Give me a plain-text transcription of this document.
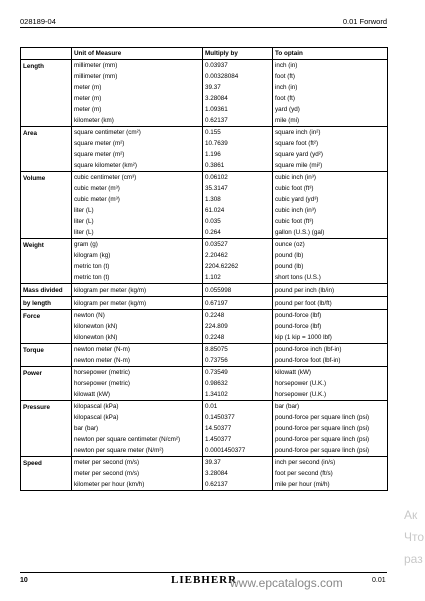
028189-04	0.01 Forword
	Unit of Measure	Multiply by	To optain
Length	millimeter (mm)	0.03937	inch (in)
	millimeter (mm)	0.00328084	foot (ft)
	meter (m)	39.37	inch (in)
	meter (m)	3.28084	foot (ft)
	meter (m)	1.09361	yard (yd)
	kilometer (km)	0.62137	mile (mi)
Area	square centimeter (cm²)	0.155	square inch (in²)
	square meter (m²)	10.7639	square foot (ft²)
	square meter (m²)	1.196	square yard (yd²)
	square kilometer (km²)	0.3861	square mile (mi²)
Volume	cubic centimeter (cm³)	0.06102	cubic inch (in³)
	cubic meter (m³)	35.3147	cubic foot (ft³)
	cubic meter (m³)	1.308	cubic yard (yd³)
	liter (L)	61.024	cubic inch (in³)
	liter (L)	0.035	cubic foot (ft³)
	liter (L)	0.264	gallon (U.S.) (gal)
Weight	gram (g)	0.03527	ounce (oz)
	kilogram (kg)	2.20462	pound (lb)
	metric ton (t)	2204.62262	pound (lb)
	metric ton (t)	1.102	short tons (U.S.)
Mass divided	kilogram per meter (kg/m)	0.055998	pound per inch (lb/in)
by length	kilogram per meter (kg/m)	0.67197	pound per foot (lb/ft)
Force	newton (N)	0.2248	pound-force (lbf)
	kilonewton (kN)	224.809	pound-force (lbf)
	kilonewton (kN)	0.2248	kip (1 kip = 1000 lbf)
Torque	newton meter (N-m)	8.85075	pound-force inch (lbf-in)
	newton meter (N-m)	0.73756	pound-force foot (lbf-in)
Power	horsepower (metric)	0.73549	kilowatt (kW)
	horsepower (metric)	0.98632	horsepower (U.K.)
	kilowatt (kW)	1.34102	horsepower (U.K.)
Pressure	kilopascal (kPa)	0.01	bar (bar)
	kilopascal (kPa)	0.1450377	pound-force per square linch (psi)
	bar (bar)	14.50377	pound-force per square linch (psi)
	newton per square centimeter (N/cm²)	1.450377	pound-force per square linch (psi)
	newton per square meter (N/m²)	0.0001450377	pound-force per square linch (psi)
Speed	meter per second (m/s)	39.37	inch per second (in/s)
	meter per second (m/s)	3.28084	foot per second (ft/s)
	kilometer per hour (km/h)	0.62137	mile per hour (mi/h)
10	LIEBHERR
www.epcatalogs.com	0.01
Ак
Что
раз
